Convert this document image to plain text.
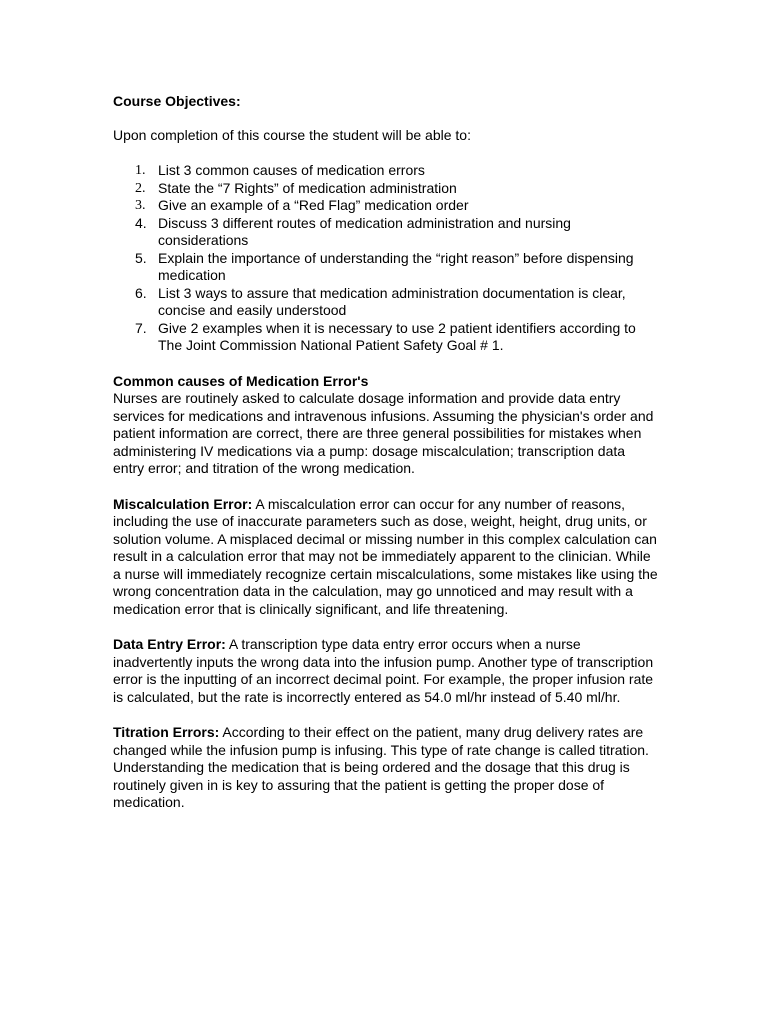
Course Objectives:

Upon completion of this course the student will be able to:

1. List 3 common causes of medication errors
2. State the “7 Rights” of medication administration
3. Give an example of a “Red Flag” medication order
4. Discuss 3 different routes of medication administration and nursing considerations
5. Explain the importance of understanding the “right reason” before dispensing medication
6. List 3 ways to assure that medication administration documentation is clear, concise and easily understood
7. Give 2 examples when it is necessary to use 2 patient identifiers according to The Joint Commission National Patient Safety Goal # 1.

Common causes of Medication Error's

Nurses are routinely asked to calculate dosage information and provide data entry services for medications and intravenous infusions. Assuming the physician's order and patient information are correct, there are three general possibilities for mistakes when administering IV medications via a pump: dosage miscalculation; transcription data entry error; and titration of the wrong medication.

Miscalculation Error: A miscalculation error can occur for any number of reasons, including the use of inaccurate parameters such as dose, weight, height, drug units, or solution volume. A misplaced decimal or missing number in this complex calculation can result in a calculation error that may not be immediately apparent to the clinician. While a nurse will immediately recognize certain miscalculations, some mistakes like using the wrong concentration data in the calculation, may go unnoticed and may result with a medication error that is clinically significant, and life threatening.

Data Entry Error: A transcription type data entry error occurs when a nurse inadvertently inputs the wrong data into the infusion pump. Another type of transcription error is the inputting of an incorrect decimal point. For example, the proper infusion rate is calculated, but the rate is incorrectly entered as 54.0 ml/hr instead of 5.40 ml/hr.

Titration Errors: According to their effect on the patient, many drug delivery rates are changed while the infusion pump is infusing. This type of rate change is called titration. Understanding the medication that is being ordered and the dosage that this drug is routinely given in is key to assuring that the patient is getting the proper dose of medication.
